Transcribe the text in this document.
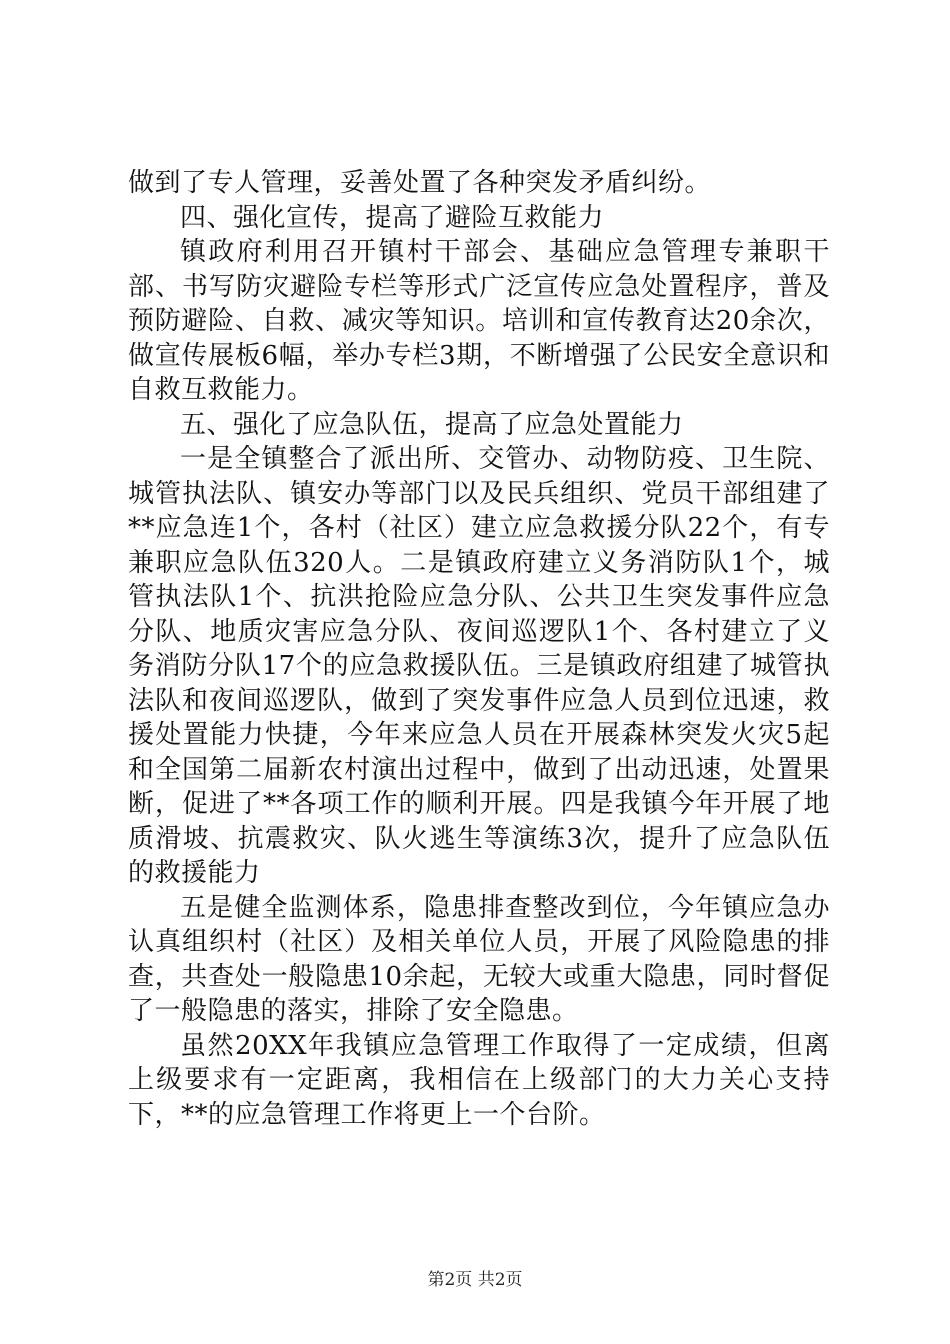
做到了专人管理，妥善处置了各种突发矛盾纠纷。

四、强化宣传，提高了避险互救能力

镇政府利用召开镇村干部会、基础应急管理专兼职干部、书写防灾避险专栏等形式广泛宣传应急处置程序，普及预防避险、自救、减灾等知识。培训和宣传教育达20余次，做宣传展板6幅，举办专栏3期，不断增强了公民安全意识和自救互救能力。

五、强化了应急队伍，提高了应急处置能力

一是全镇整合了派出所、交管办、动物防疫、卫生院、城管执法队、镇安办等部门以及民兵组织、党员干部组建了**应急连1个，各村（社区）建立应急救援分队22个，有专兼职应急队伍320人。二是镇政府建立义务消防队1个，城管执法队1个、抗洪抢险应急分队、公共卫生突发事件应急分队、地质灾害应急分队、夜间巡逻队1个、各村建立了义务消防分队17个的应急救援队伍。三是镇政府组建了城管执法队和夜间巡逻队，做到了突发事件应急人员到位迅速，救援处置能力快捷，今年来应急人员在开展森林突发火灾5起和全国第二届新农村演出过程中，做到了出动迅速，处置果断，促进了**各项工作的顺利开展。四是我镇今年开展了地质滑坡、抗震救灾、队火逃生等演练3次，提升了应急队伍的救援能力

五是健全监测体系，隐患排查整改到位，今年镇应急办认真组织村（社区）及相关单位人员，开展了风险隐患的排查，共查处一般隐患10余起，无较大或重大隐患，同时督促了一般隐患的落实，排除了安全隐患。

虽然20XX年我镇应急管理工作取得了一定成绩，但离上级要求有一定距离，我相信在上级部门的大力关心支持下，**的应急管理工作将更上一个台阶。

第2页 共2页
